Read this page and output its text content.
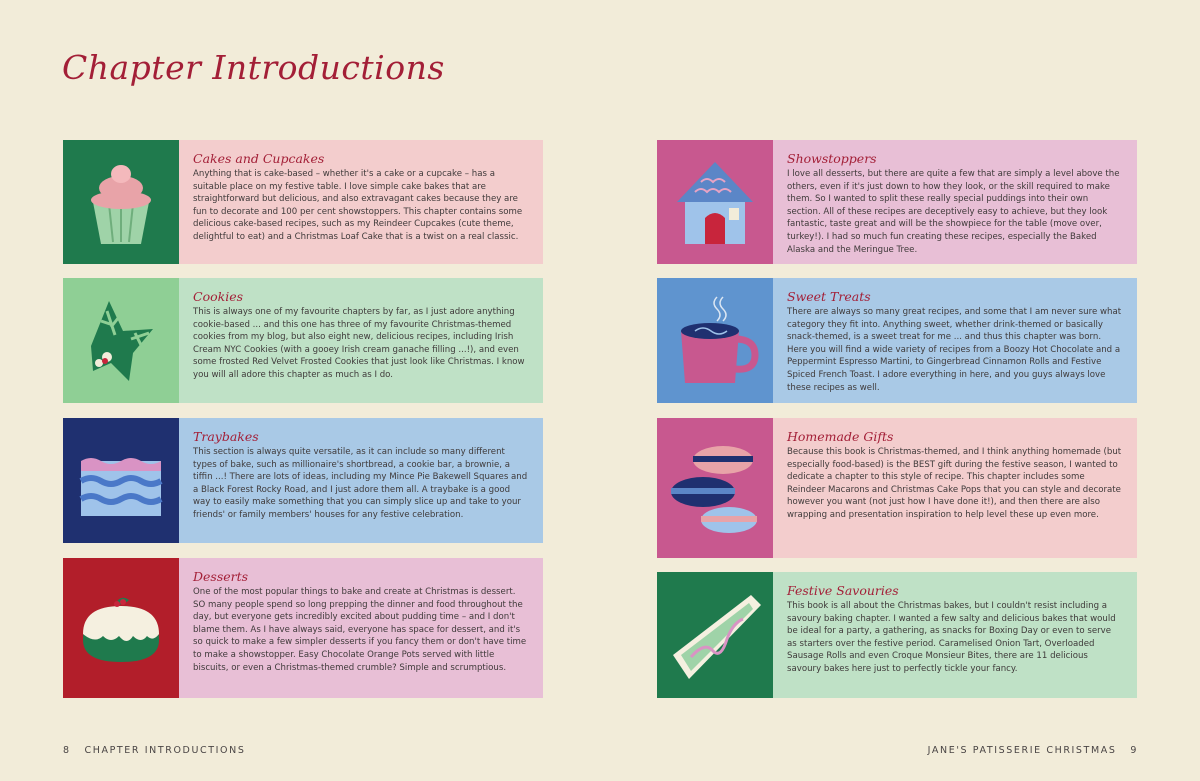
Chapter Introductions
Cakes and Cupcakes
Anything that is cake-based – whether it's a cake or a cupcake – has a suitable place on my festive table. I love simple cake bakes that are straightforward but delicious, and also extravagant cakes because they are fun to decorate and 100 per cent showstoppers. This chapter contains some delicious cake-based recipes, such as my Reindeer Cupcakes (cute theme, delightful to eat) and a Christmas Loaf Cake that is a twist on a real classic.
Cookies
This is always one of my favourite chapters by far, as I just adore anything cookie-based ... and this one has three of my favourite Christmas-themed cookies from my blog, but also eight new, delicious recipes, including Irish Cream NYC Cookies (with a gooey Irish cream ganache filling ...!), and even some frosted Red Velvet Frosted Cookies that just look like Christmas. I know you will all adore this chapter as much as I do.
Traybakes
This section is always quite versatile, as it can include so many different types of bake, such as millionaire's shortbread, a cookie bar, a brownie, a tiffin ...! There are lots of ideas, including my Mince Pie Bakewell Squares and a Black Forest Rocky Road, and I just adore them all. A traybake is a good way to easily make something that you can simply slice up and take to your friends' or family members' houses for any festive celebration.
Desserts
One of the most popular things to bake and create at Christmas is dessert. SO many people spend so long prepping the dinner and food throughout the day, but everyone gets incredibly excited about pudding time – and I don't blame them. As I have always said, everyone has space for dessert, and it's so quick to make a few simpler desserts if you fancy them or don't have time to make a showstopper. Easy Chocolate Orange Pots served with little biscuits, or even a Christmas-themed crumble? Simple and scrumptious.
Showstoppers
I love all desserts, but there are quite a few that are simply a level above the others, even if it's just down to how they look, or the skill required to make them. So I wanted to split these really special puddings into their own section. All of these recipes are deceptively easy to achieve, but they look fantastic, taste great and will be the showpiece for the table (move over, turkey!). I had so much fun creating these recipes, especially the Baked Alaska and the Meringue Tree.
Sweet Treats
There are always so many great recipes, and some that I am never sure what category they fit into. Anything sweet, whether drink-themed or basically snack-themed, is a sweet treat for me ... and thus this chapter was born. Here you will find a wide variety of recipes from a Boozy Hot Chocolate and a Peppermint Espresso Martini, to Gingerbread Cinnamon Rolls and Festive Spiced French Toast. I adore everything in here, and you guys always love these recipes as well.
Homemade Gifts
Because this book is Christmas-themed, and I think anything homemade (but especially food-based) is the BEST gift during the festive season, I wanted to dedicate a chapter to this style of recipe. This chapter includes some Reindeer Macarons and Christmas Cake Pops that you can style and decorate however you want (not just how I have done it!), and then there are also wrapping and presentation inspiration to help level these up even more.
Festive Savouries
This book is all about the Christmas bakes, but I couldn't resist including a savoury baking chapter. I wanted a few salty and delicious bakes that would be ideal for a party, a gathering, as snacks for Boxing Day or even to serve as starters over the festive period. Caramelised Onion Tart, Overloaded Sausage Rolls and even Croque Monsieur Bites, there are 11 delicious savoury bakes here just to perfectly tickle your fancy.
8   CHAPTER INTRODUCTIONS	JANE'S PATISSERIE CHRISTMAS   9
